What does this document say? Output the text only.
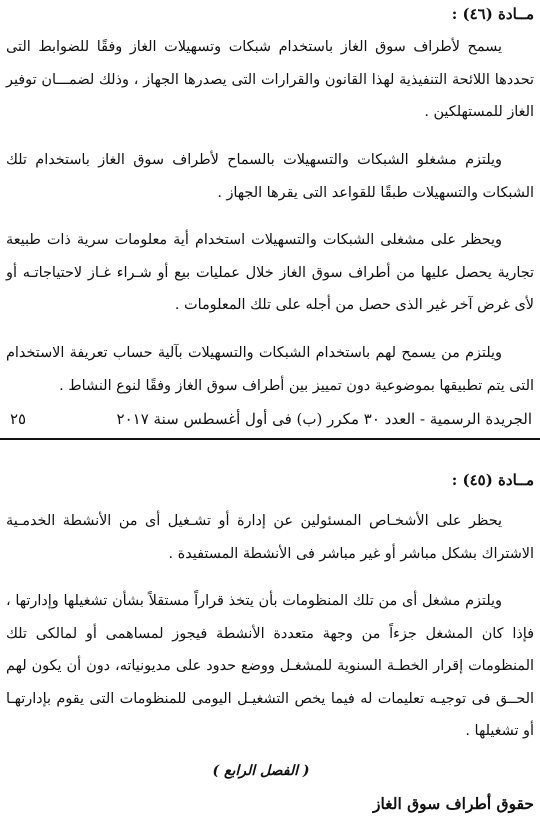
مــادة (٤٦) :

يسمح لأطراف سوق الغاز باستخدام شبكات وتسهيلات الغاز وفقًا للضوابط التى تحددها اللائحة التنفيذية لهذا القانون والقرارات التى يصدرها الجهاز ، وذلك لضمـــان توفير الغاز للمستهلكين .

ويلتزم مشغلو الشبكات والتسهيلات بالسماح لأطراف سوق الغاز باستخدام تلك الشبكات والتسهيلات طبقًا للقواعد التى يقرها الجهاز .

ويحظر على مشغلى الشبكات والتسهيلات استخدام أية معلومات سرية ذات طبيعة تجارية يحصل عليها من أطراف سوق الغاز خلال عمليات بيع أو شـراء غـاز لاحتياجاتـه أو لأى غرض آخر غير الذى حصل من أجله على تلك المعلومات .

ويلتزم من يسمح لهم باستخدام الشبكات والتسهيلات بآلية حساب تعريفة الاستخدام التى يتم تطبيقها بموضوعية دون تمييز بين أطراف سوق الغاز وفقًا لنوع النشاط .

الجريدة الرسمية - العدد ٣٠ مكرر (ب) فى أول أغسطس سنة ٢٠١٧
٢٥
مــادة (٤٥) :

يحظر على الأشخـاص المسئولين عن إدارة أو تشـغيل أى من الأنشطة الخدمـية الاشتراك بشكل مباشر أو غير مباشر فى الأنشطة المستفيدة .

ويلتزم مشغل أى من تلك المنظومات بأن يتخذ قراراً مستقلاً بشأن تشغيلها وإدارتها ، فإذا كان المشغل جزءاً من وجهة متعددة الأنشطة فيجوز لمساهمى أو لمالكى تلك المنظومات إقرار الخطـة السنوية للمشغـل ووضع حدود على مديونياته، دون أن يكون لهم الحــق فى توجيـه تعليمات له فيما يخص التشغيـل اليومى للمنظومات التى يقوم بإدارتهـا أو تشغيلها .

( الفصل الرابع )
حقوق أطراف سوق الغاز
